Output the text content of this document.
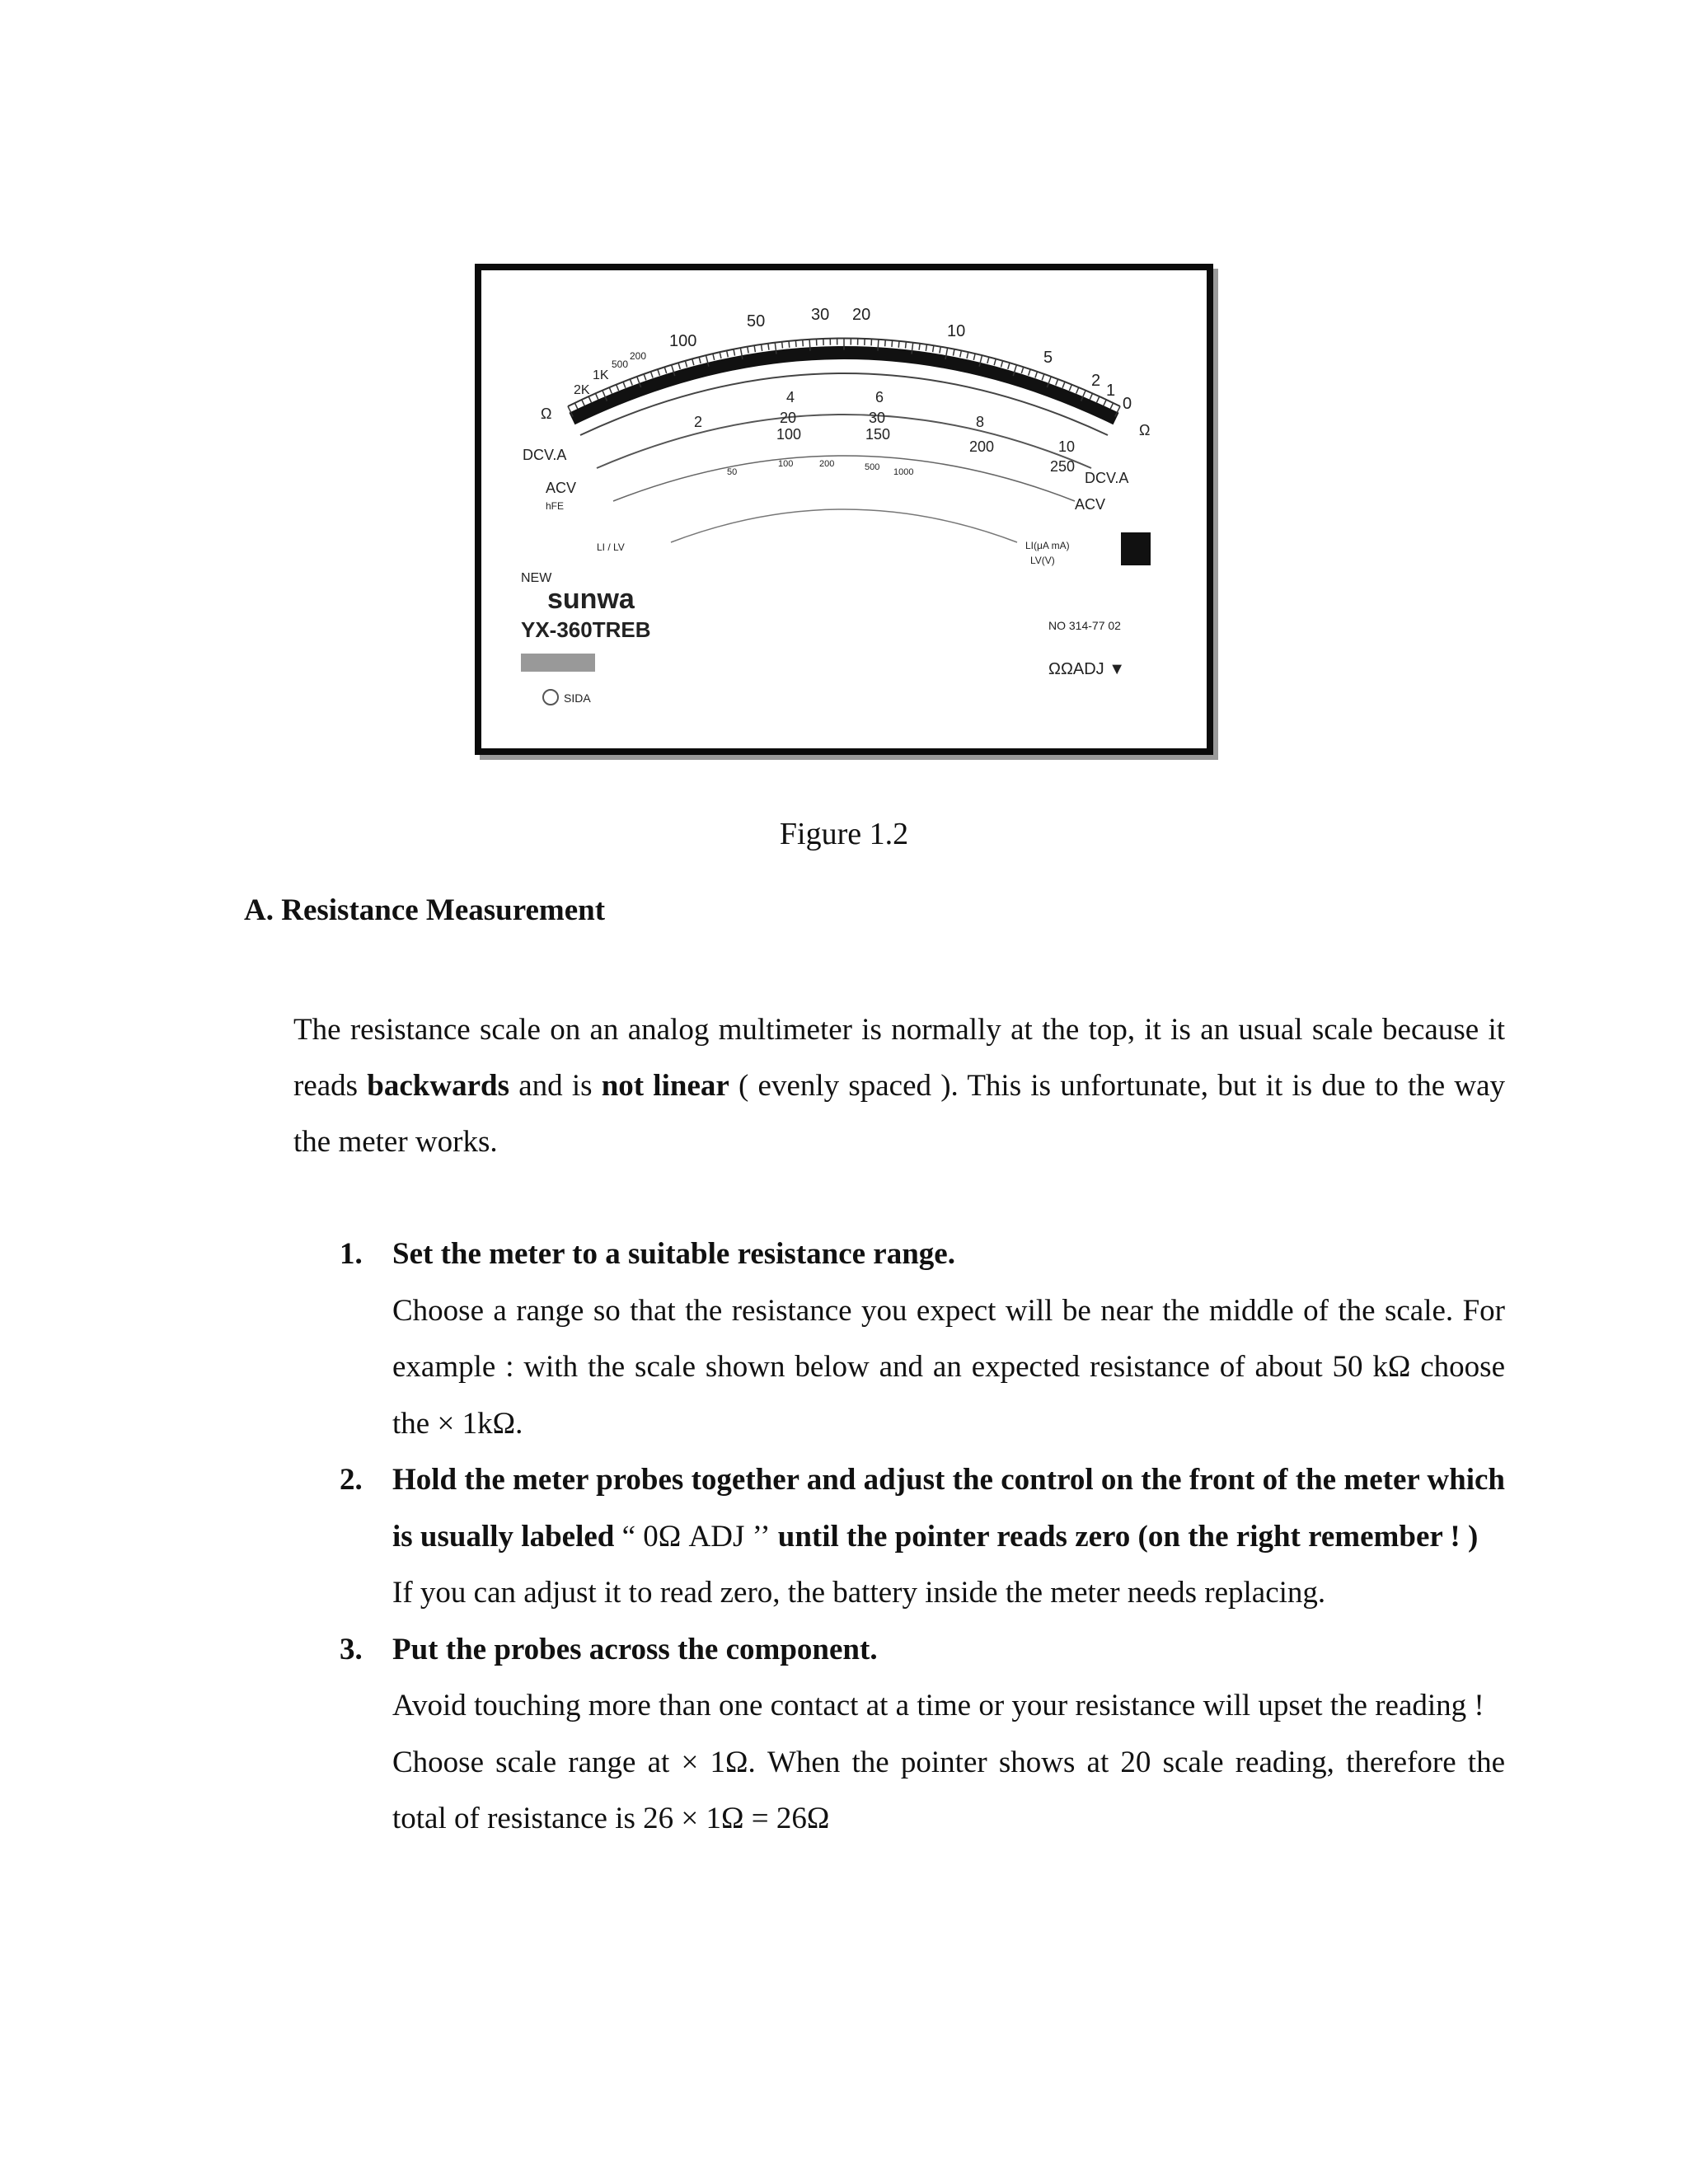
2K
1K
500
200
100
50	30 20
10
5
2
1
0
Ω
Ω
2
4	6
8
10
20	30
100	150
200
250
50
100	200	500 1000
DCV.A
DCV.A
ACV
ACV
hFE
LI / LV	LI(μA mA)
LV(V)
NEW
sunwa
YX-360TREB
SIDA
NO 314-77 02
ΩΩADJ ▼
Figure 1.2
A. Resistance Measurement
The resistance scale on an analog multimeter is normally at the top, it is an usual scale because it reads backwards and is not linear ( evenly spaced ). This is unfortunate, but it is due to the way the meter works.
1. Set the meter to a suitable resistance range.
Choose a range so that the resistance you expect will be near the middle of the scale. For example : with the scale shown below and an expected resistance of about 50 kΩ choose the × 1kΩ.
2. Hold the meter probes together and adjust the control on the front of the meter which is usually labeled “ 0Ω ADJ ’’ until the pointer reads zero (on the right remember ! )
If you can adjust it to read zero, the battery inside the meter needs replacing.
3. Put the probes across the component.
Avoid touching more than one contact at a time or your resistance will upset the reading !
Choose scale range at × 1Ω. When the pointer shows at 20 scale reading, therefore the total of resistance is 26 × 1Ω = 26Ω
